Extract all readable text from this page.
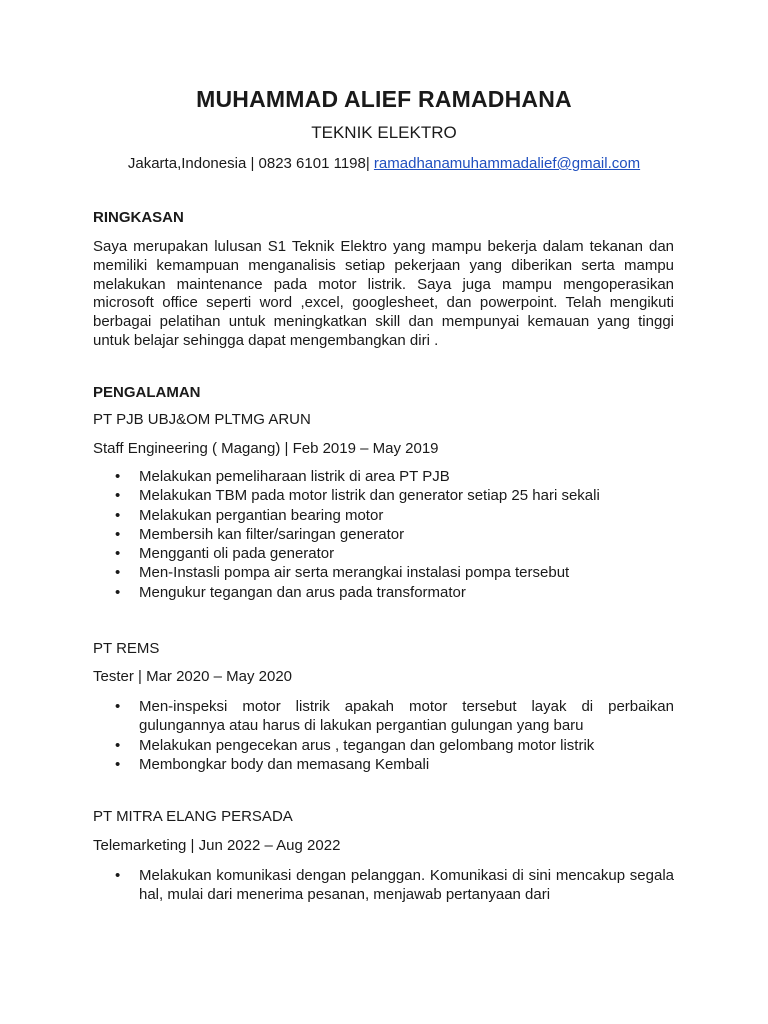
MUHAMMAD ALIEF RAMADHANA
TEKNIK ELEKTRO
Jakarta,Indonesia | 0823 6101 1198| ramadhanamuhammadalief@gmail.com
RINGKASAN

Saya merupakan lulusan S1 Teknik Elektro yang mampu bekerja dalam tekanan dan memiliki kemampuan menganalisis setiap pekerjaan yang diberikan serta mampu melakukan maintenance pada motor listrik. Saya juga mampu mengoperasikan microsoft office seperti word ,excel, googlesheet, dan powerpoint. Telah mengikuti berbagai pelatihan untuk meningkatkan skill dan mempunyai kemauan yang tinggi untuk belajar sehingga dapat mengembangkan diri .

PENGALAMAN
PT PJB UBJ&OM PLTMG ARUN
Staff Engineering ( Magang) | Feb 2019 – May 2019
• Melakukan pemeliharaan listrik di area PT PJB
• Melakukan TBM pada motor listrik dan generator setiap 25 hari sekali
• Melakukan pergantian bearing motor
• Membersih kan filter/saringan generator
• Mengganti oli pada generator
• Men-Instasli pompa air serta merangkai instalasi pompa tersebut
• Mengukur tegangan dan arus pada transformator
PT REMS
Tester | Mar 2020 – May 2020
• Men-inspeksi motor listrik apakah motor tersebut layak di perbaikan gulungannya atau harus di lakukan pergantian gulungan yang baru
• Melakukan pengecekan arus , tegangan dan gelombang motor listrik
• Membongkar body dan memasang Kembali
PT MITRA ELANG PERSADA
Telemarketing | Jun 2022 – Aug 2022
• Melakukan komunikasi dengan pelanggan. Komunikasi di sini mencakup segala hal, mulai dari menerima pesanan, menjawab pertanyaan dari
